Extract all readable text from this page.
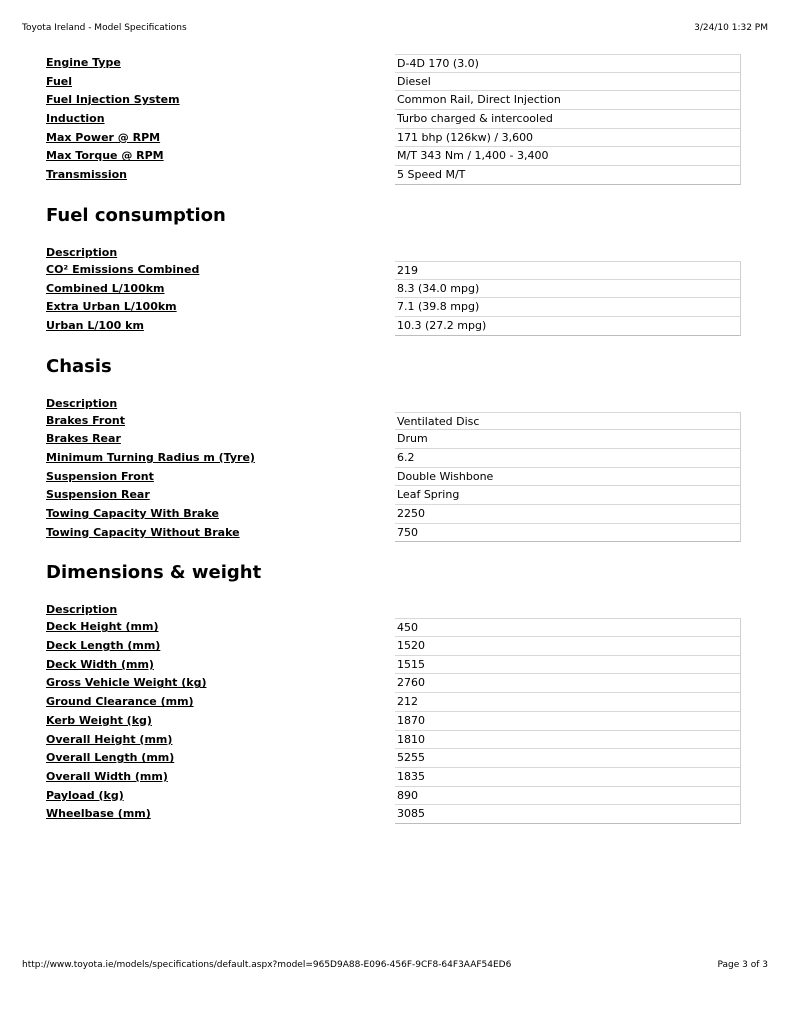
Toyota Ireland - Model Specifications	3/24/10 1:32 PM
Engine Type	D-4D 170 (3.0)
Fuel	Diesel
Fuel Injection System	Common Rail, Direct Injection
Induction	Turbo charged & intercooled
Max Power @ RPM	171 bhp (126kw) / 3,600
Max Torque @ RPM	M/T 343 Nm / 1,400 - 3,400
Transmission	5 Speed M/T
Fuel consumption
Description
CO² Emissions Combined	219
Combined L/100km	8.3 (34.0 mpg)
Extra Urban L/100km	7.1 (39.8 mpg)
Urban L/100 km	10.3 (27.2 mpg)
Chasis
Description
Brakes Front	Ventilated Disc
Brakes Rear	Drum
Minimum Turning Radius m (Tyre)	6.2
Suspension Front	Double Wishbone
Suspension Rear	Leaf Spring
Towing Capacity With Brake	2250
Towing Capacity Without Brake	750
Dimensions & weight
Description
Deck Height (mm)	450
Deck Length (mm)	1520
Deck Width (mm)	1515
Gross Vehicle Weight (kg)	2760
Ground Clearance (mm)	212
Kerb Weight (kg)	1870
Overall Height (mm)	1810
Overall Length (mm)	5255
Overall Width (mm)	1835
Payload (kg)	890
Wheelbase (mm)	3085
http://www.toyota.ie/models/specifications/default.aspx?model=965D9A88-E096-456F-9CF8-64F3AAF54ED6	Page 3 of 3
